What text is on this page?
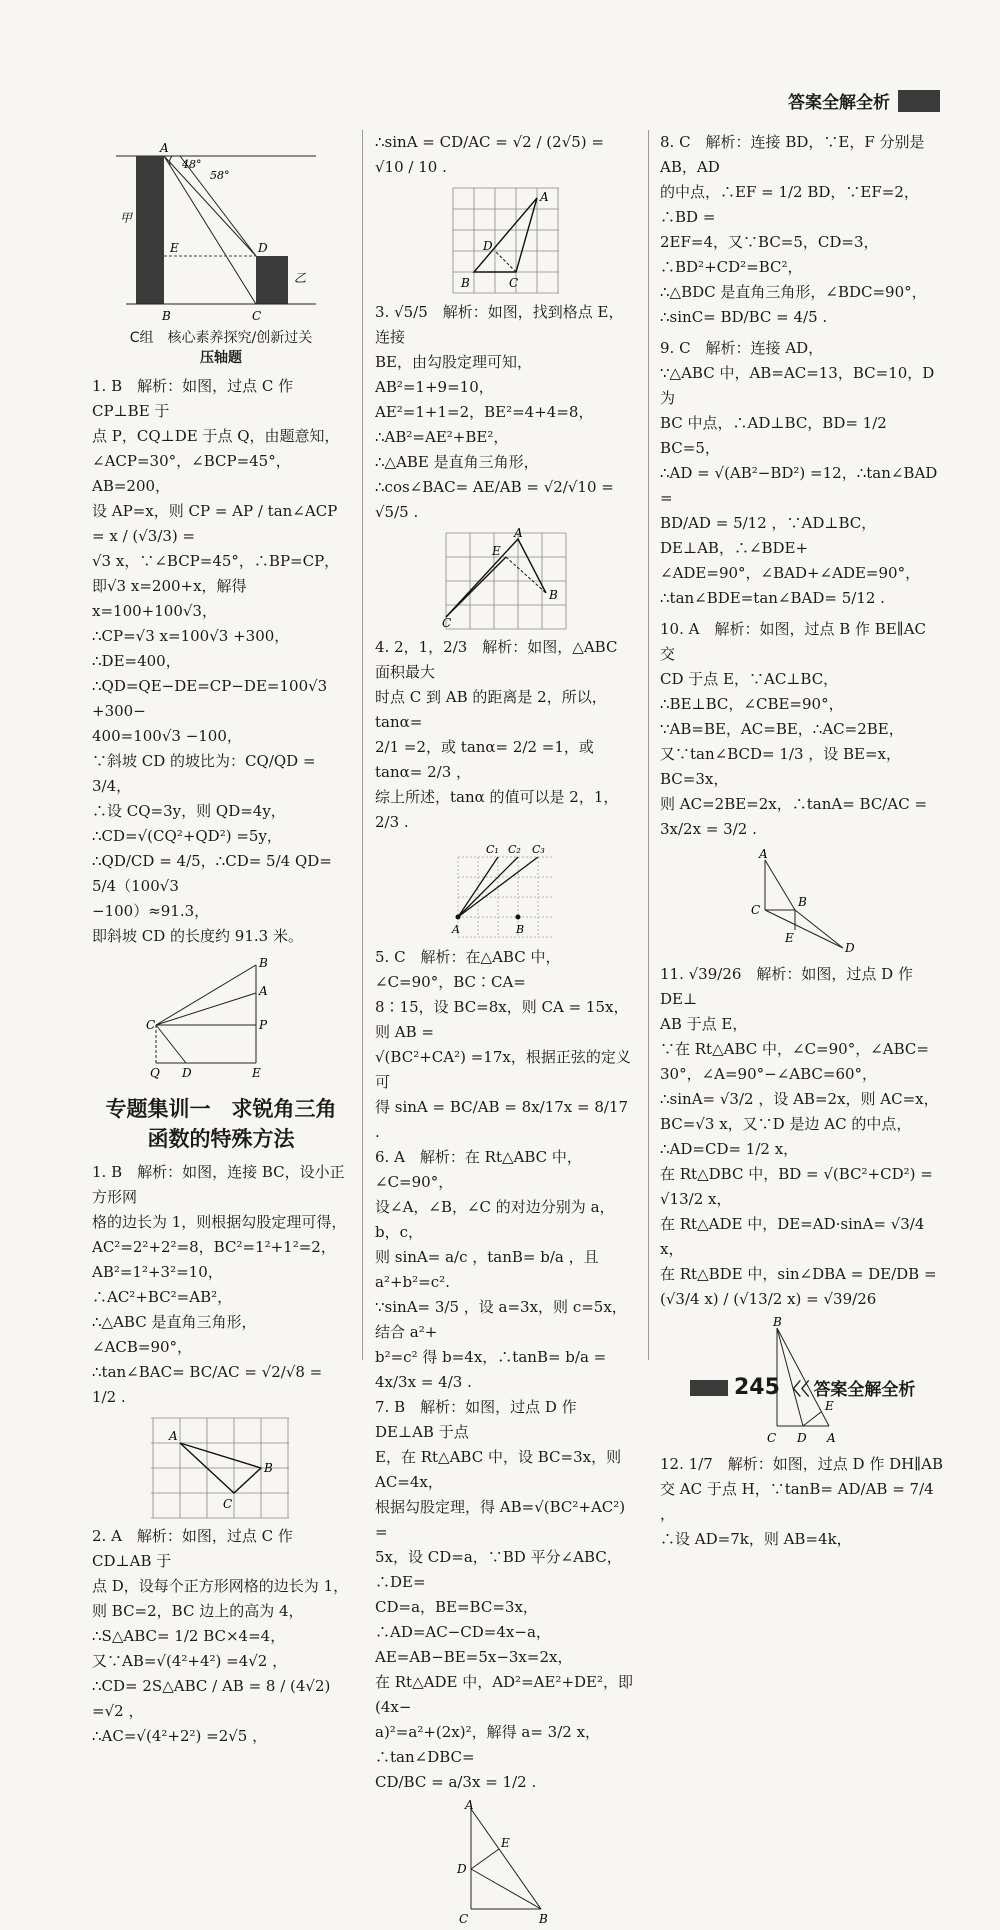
答案全解全析
A
48°
58°
甲
E	D
乙
B	C
C组　核心素养探究/创新过关
压轴题
1. B　解析：如图，过点 C 作 CP⊥BE 于
点 P，CQ⊥DE 于点 Q，由题意知，
∠ACP=30°，∠BCP=45°，AB=200，
设 AP=x，则 CP = AP / tan∠ACP = x / (√3/3) =
√3 x，∵∠BCP=45°，∴BP=CP，
即√3 x=200+x，解得 x=100+100√3，
∴CP=√3 x=100√3 +300，∴DE=400，
∴QD=QE−DE=CP−DE=100√3 +300−
400=100√3 −100，
∵斜坡 CD 的坡比为：CQ/QD = 3/4，
∴设 CQ=3y，则 QD=4y，
∴CD=√(CQ²+QD²) =5y，
∴QD/CD = 4/5，∴CD= 5/4 QD= 5/4（100√3
−100）≈91.3，
即斜坡 CD 的长度约 91.3 米。
B
A
C	P
Q D	E
专题集训一　求锐角三角
函数的特殊方法
1. B　解析：如图，连接 BC，设小正方形网
格的边长为 1，则根据勾股定理可得，
AC²=2²+2²=8，BC²=1²+1²=2，
AB²=1²+3²=10，∴AC²+BC²=AB²，
∴△ABC 是直角三角形，∠ACB=90°，
∴tan∠BAC= BC/AC = √2/√8 = 1/2 .
A
B
C
2. A　解析：如图，过点 C 作 CD⊥AB 于
点 D，设每个正方形网格的边长为 1，
则 BC=2，BC 边上的高为 4，
∴S△ABC= 1/2 BC×4=4，
又∵AB=√(4²+4²) =4√2 ，
∴CD= 2S△ABC / AB = 8 / (4√2) =√2 ，
∴AC=√(4²+2²) =2√5 ，
∴sinA = CD/AC = √2 / (2√5) = √10 / 10 .
A
B	C
D
3. √5/5　解析：如图，找到格点 E，连接
BE，由勾股定理可知，AB²=1+9=10，
AE²=1+1=2，BE²=4+4=8，
∴AB²=AE²+BE²，
∴△ABE 是直角三角形，
∴cos∠BAC= AE/AB = √2/√10 = √5/5 .
A
E
B
C
4. 2，1，2/3　解析：如图，△ABC 面积最大
时点 C 到 AB 的距离是 2，所以，tanα=
2/1 =2，或 tanα= 2/2 =1，或 tanα= 2/3 ，
综上所述，tanα 的值可以是 2，1，2/3 .
C₁ C₂ C₃
A	B
5. C　解析：在△ABC 中，∠C=90°，BC∶CA=
8∶15，设 BC=8x，则 CA = 15x，则 AB =
√(BC²+CA²) =17x，根据正弦的定义可
得 sinA = BC/AB = 8x/17x = 8/17 .
6. A　解析：在 Rt△ABC 中，∠C=90°，
设∠A，∠B，∠C 的对边分别为 a，b，c，
则 sinA= a/c ，tanB= b/a ，且 a²+b²=c².
∵sinA= 3/5 ，设 a=3x，则 c=5x，结合 a²+
b²=c² 得 b=4x，∴tanB= b/a = 4x/3x = 4/3 .
7. B　解析：如图，过点 D 作 DE⊥AB 于点
E，在 Rt△ABC 中，设 BC=3x，则 AC=4x，
根据勾股定理，得 AB=√(BC²+AC²) =
5x，设 CD=a，∵BD 平分∠ABC，∴DE=
CD=a，BE=BC=3x，∴AD=AC−CD=4x−a，
AE=AB−BE=5x−3x=2x，
在 Rt△ADE 中，AD²=AE²+DE²，即(4x−
a)²=a²+(2x)²，解得 a= 3/2 x，∴tan∠DBC=
CD/BC = a/3x = 1/2 .
A
E
D
C	B
8. C　解析：连接 BD，∵E，F 分别是 AB，AD
的中点，∴EF = 1/2 BD，∵EF=2，∴BD =
2EF=4，又∵BC=5，CD=3，∴BD²+CD²=BC²，
∴△BDC 是直角三角形，∠BDC=90°，
∴sinC= BD/BC = 4/5 .
9. C　解析：连接 AD，
∵△ABC 中，AB=AC=13，BC=10，D 为
BC 中点，∴AD⊥BC，BD= 1/2 BC=5，
∴AD = √(AB²−BD²) =12，∴tan∠BAD =
BD/AD = 5/12 ，∵AD⊥BC，DE⊥AB，∴∠BDE+
∠ADE=90°，∠BAD+∠ADE=90°，
∴tan∠BDE=tan∠BAD= 5/12 .
10. A　解析：如图，过点 B 作 BE∥AC 交
CD 于点 E，∵AC⊥BC，
∴BE⊥BC，∠CBE=90°，
∵AB=BE，AC=BE，∴AC=2BE，
又∵tan∠BCD= 1/3 ，设 BE=x，BC=3x，
则 AC=2BE=2x，∴tanA= BC/AC = 3x/2x = 3/2 .
A
B
C
E
D
11. √39/26　解析：如图，过点 D 作 DE⊥
AB 于点 E，
∵在 Rt△ABC 中，∠C=90°，∠ABC=
30°，∠A=90°−∠ABC=60°，
∴sinA= √3/2 ，设 AB=2x，则 AC=x，
BC=√3 x，又∵D 是边 AC 的中点，
∴AD=CD= 1/2 x，
在 Rt△DBC 中，BD = √(BC²+CD²) =
√13/2 x，
在 Rt△ADE 中，DE=AD·sinA= √3/4 x，
在 Rt△BDE 中，sin∠DBA = DE/DB =
(√3/4 x) / (√13/2 x) = √39/26
B
E
C D A
12. 1/7　解析：如图，过点 D 作 DH∥AB
交 AC 于点 H，∵tanB= AD/AB = 7/4 ，
∴设 AD=7k，则 AB=4k，
245 〈〈 答案全解全析
